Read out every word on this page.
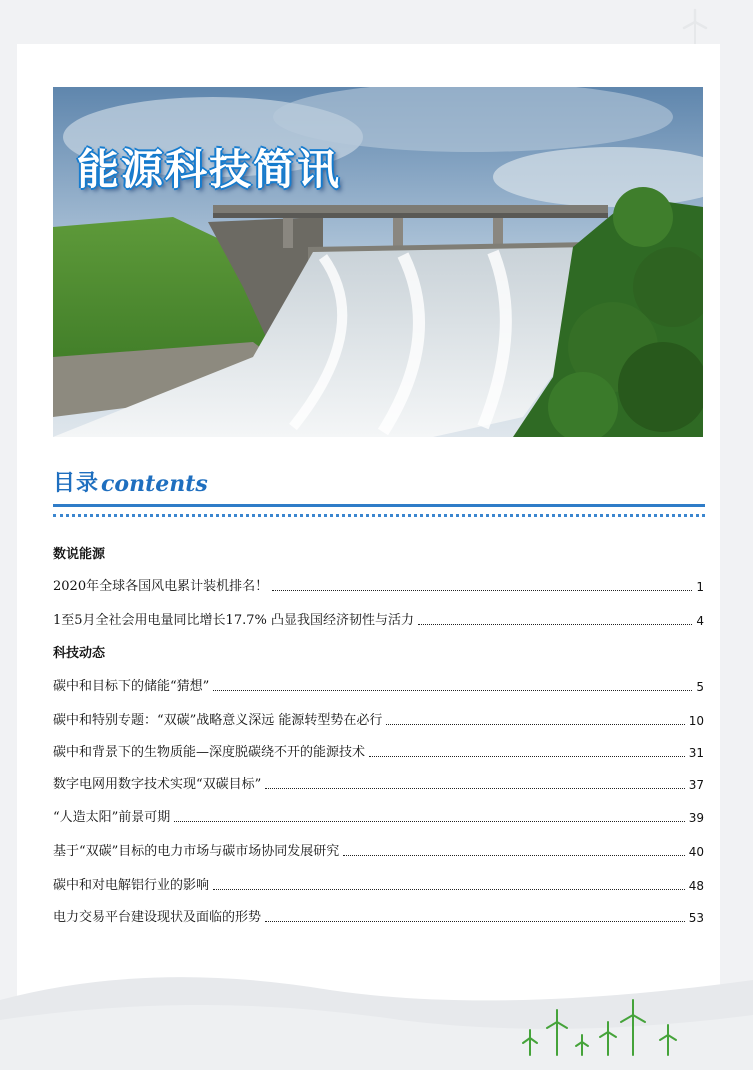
能源科技简讯
目录 contents
数说能源
2020年全球各国风电累计装机排名！	1
1至5月全社会用电量同比增长17.7% 凸显我国经济韧性与活力	4
科技动态
碳中和目标下的储能“猜想”	5
碳中和特别专题：“双碳”战略意义深远 能源转型势在必行	10
碳中和背景下的生物质能—深度脱碳绕不开的能源技术	31
数字电网用数字技术实现“双碳目标”	37
“人造太阳”前景可期	39
基于“双碳”目标的电力市场与碳市场协同发展研究	40
碳中和对电解铝行业的影响	48
电力交易平台建设现状及面临的形势	53
